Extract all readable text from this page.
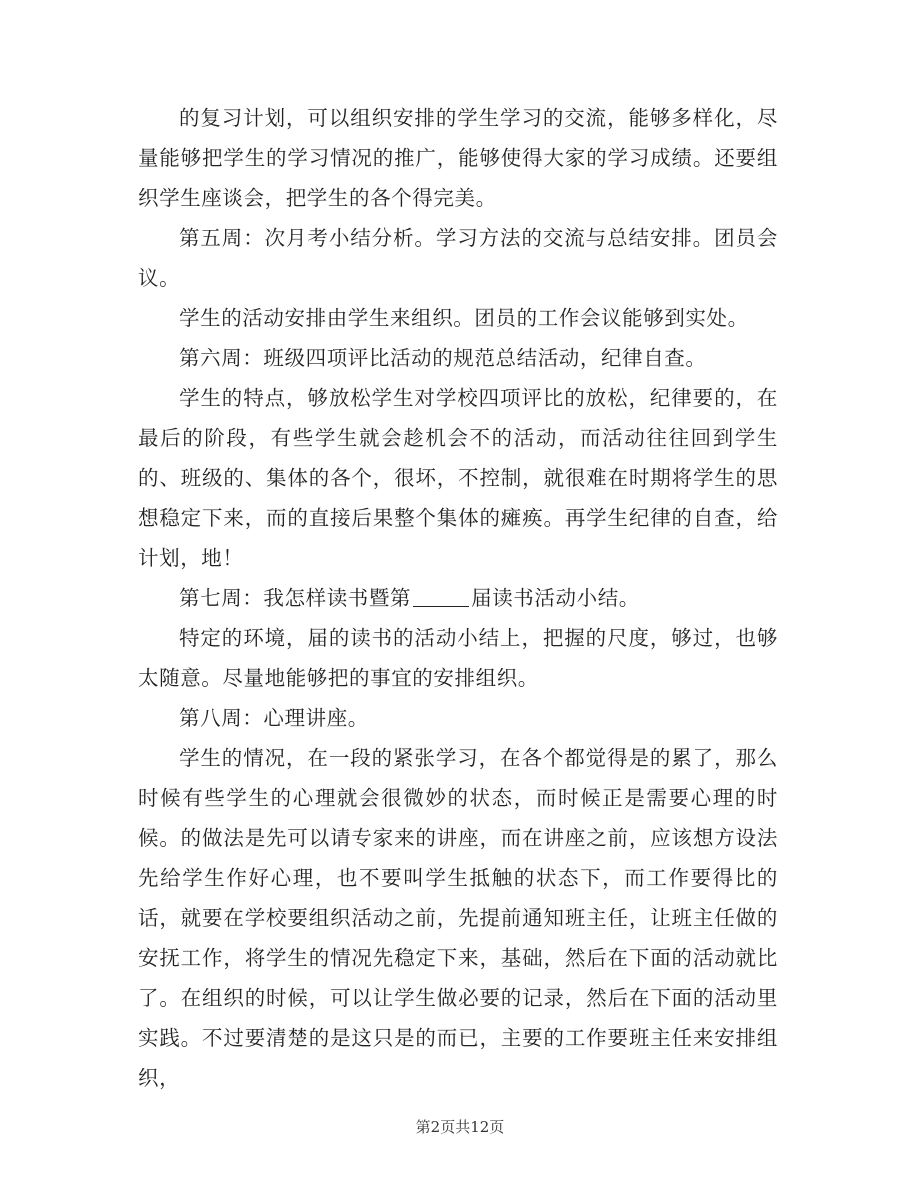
的复习计划，可以组织安排的学生学习的交流，能够多样化，尽量能够把学生的学习情况的推广，能够使得大家的学习成绩。还要组织学生座谈会，把学生的各个得完美。

第五周：次月考小结分析。学习方法的交流与总结安排。团员会议。

学生的活动安排由学生来组织。团员的工作会议能够到实处。

第六周：班级四项评比活动的规范总结活动，纪律自查。

学生的特点，够放松学生对学校四项评比的放松，纪律要的，在最后的阶段，有些学生就会趁机会不的活动，而活动往往回到学生的、班级的、集体的各个，很坏，不控制，就很难在时期将学生的思想稳定下来，而的直接后果整个集体的瘫痪。再学生纪律的自查，给计划，地！

第七周：我怎样读书暨第	届读书活动小结。

特定的环境，届的读书的活动小结上，把握的尺度，够过，也够太随意。尽量地能够把的事宜的安排组织。

第八周：心理讲座。

学生的情况，在一段的紧张学习，在各个都觉得是的累了，那么时候有些学生的心理就会很微妙的状态，而时候正是需要心理的时候。的做法是先可以请专家来的讲座，而在讲座之前，应该想方设法先给学生作好心理，也不要叫学生抵触的状态下，而工作要得比的话，就要在学校要组织活动之前，先提前通知班主任，让班主任做的安抚工作，将学生的情况先稳定下来，基础，然后在下面的活动就比了。在组织的时候，可以让学生做必要的记录，然后在下面的活动里实践。不过要清楚的是这只是的而已，主要的工作要班主任来安排组织，

第2页共12页
